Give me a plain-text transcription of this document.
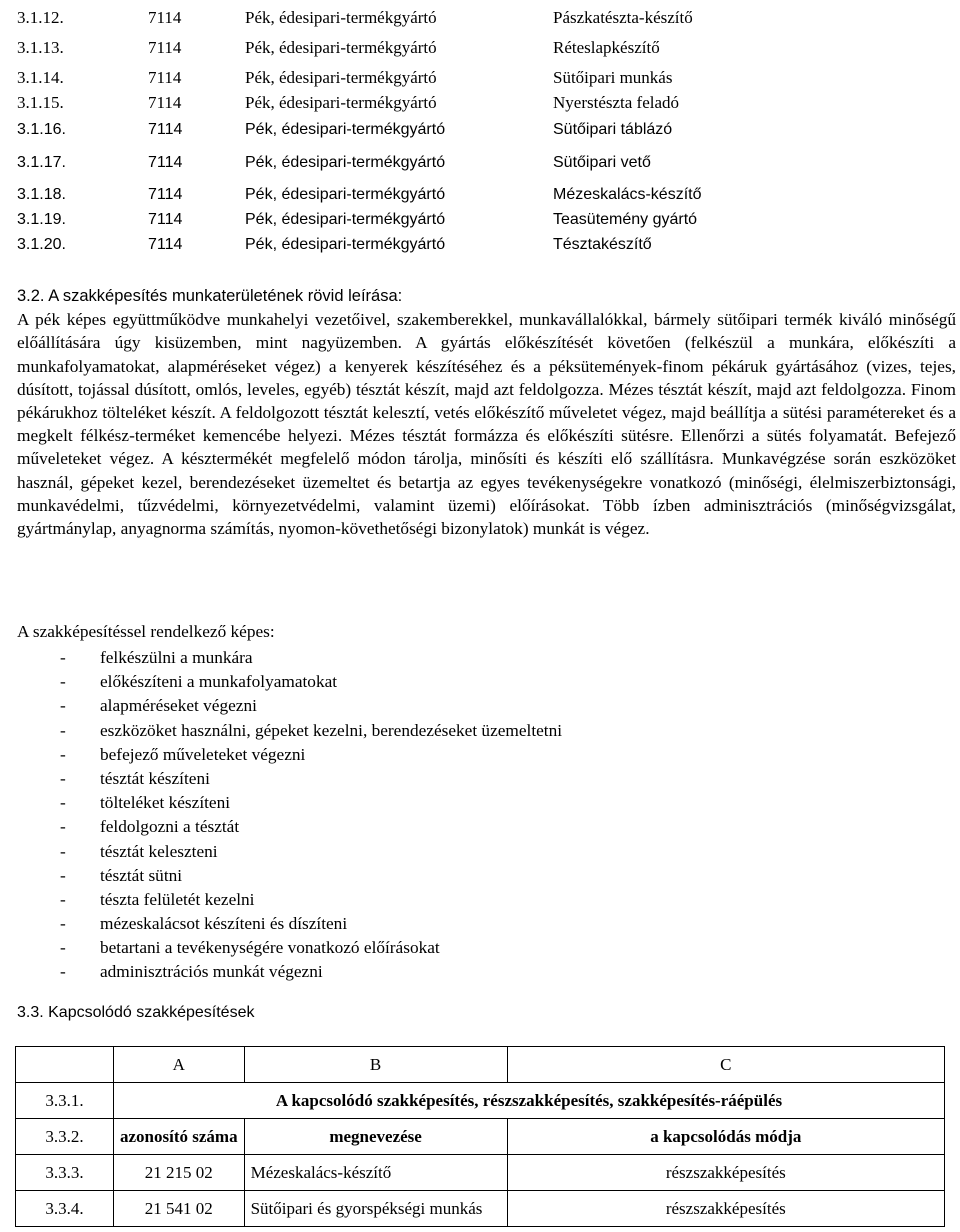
3.1.12.	7114	Pék, édesipari-termékgyártó	Pászkatészta-készítő
3.1.13.	7114	Pék, édesipari-termékgyártó	Réteslapkészítő
3.1.14.	7114	Pék, édesipari-termékgyártó	Sütőipari munkás
3.1.15.	7114	Pék, édesipari-termékgyártó	Nyerstészta feladó
3.1.16.	7114	Pék, édesipari-termékgyártó	Sütőipari táblázó
3.1.17.	7114	Pék, édesipari-termékgyártó	Sütőipari vető
3.1.18.	7114	Pék, édesipari-termékgyártó	Mézeskalács-készítő
3.1.19.	7114	Pék, édesipari-termékgyártó	Teasütemény gyártó
3.1.20.	7114	Pék, édesipari-termékgyártó	Tésztakészítő

3.2. A szakképesítés munkaterületének rövid leírása:

A pék képes együttműködve munkahelyi vezetőivel, szakemberekkel, munkavállalókkal, bármely sütőipari termék kiváló minőségű előállítására úgy kisüzemben, mint nagyüzemben. A gyártás előkészítését követően (felkészül a munkára, előkészíti a munkafolyamatokat, alapméréseket végez) a kenyerek készítéséhez és a péksütemények-finom pékáruk gyártásához (vizes, tejes, dúsított, tojással dúsított, omlós, leveles, egyéb) tésztát készít, majd azt feldolgozza. Mézes tésztát készít, majd azt feldolgozza. Finom pékárukhoz tölteléket készít. A feldolgozott tésztát kelesztí, vetés előkészítő műveletet végez, majd beállítja a sütési paramétereket és a megkelt félkész-terméket kemencébe helyezi. Mézes tésztát formázza és előkészíti sütésre. Ellenőrzi a sütés folyamatát. Befejező műveleteket végez. A késztermékét megfelelő módon tárolja, minősíti és készíti elő szállításra. Munkavégzése során eszközöket használ, gépeket kezel, berendezéseket üzemeltet és betartja az egyes tevékenységekre vonatkozó (minőségi, élelmiszerbiztonsági, munkavédelmi, tűzvédelmi, környezetvédelmi, valamint üzemi) előírásokat. Több ízben adminisztrációs (minőségvizsgálat, gyártmánylap, anyagnorma számítás, nyomon-követhetőségi bizonylatok) munkát is végez.

A szakképesítéssel rendelkező képes:
- felkészülni a munkára
- előkészíteni a munkafolyamatokat
- alapméréseket végezni
- eszközöket használni, gépeket kezelni, berendezéseket üzemeltetni
- befejező műveleteket végezni
- tésztát készíteni
- tölteléket készíteni
- feldolgozni a tésztát
- tésztát keleszteni
- tésztát sütni
- tészta felületét kezelni
- mézeskalácsot készíteni és díszíteni
- betartani a tevékenységére vonatkozó előírásokat
- adminisztrációs munkát végezni
3.3. Kapcsolódó szakképesítések
	A	B	C
3.3.1.	A kapcsolódó szakképesítés, részszakképesítés, szakképesítés-ráépülés		
3.3.2.	azonosító száma	megnevezése	a kapcsolódás módja
3.3.3.	21 215 02	Mézeskalács-készítő	részszakképesítés
3.3.4.	21 541 02	Sütőipari és gyorspékségi munkás	részszakképesítés
